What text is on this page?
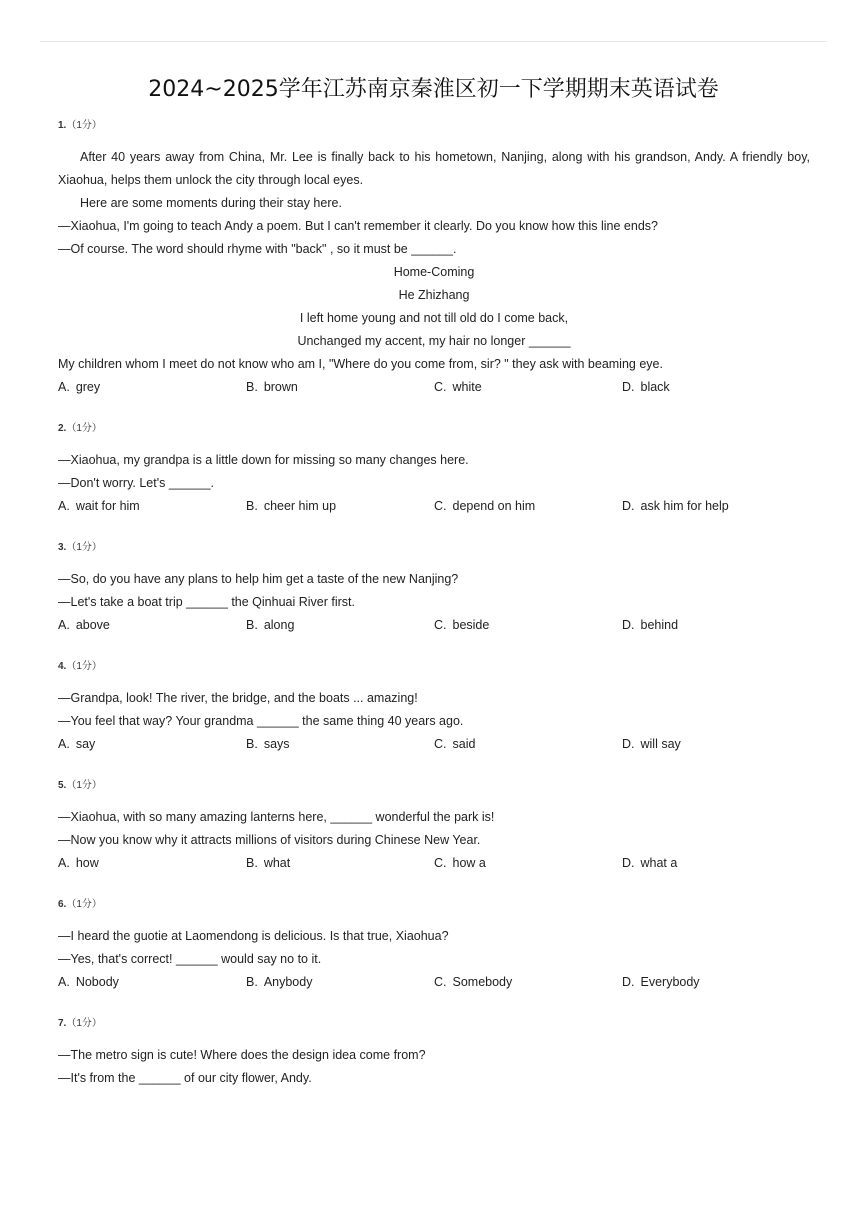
2024~2025学年江苏南京秦淮区初一下学期期末英语试卷
1.（1分）
After 40 years away from China, Mr. Lee is finally back to his hometown, Nanjing, along with his grandson, Andy. A friendly boy, Xiaohua, helps them unlock the city through local eyes.
Here are some moments during their stay here.
—Xiaohua, I'm going to teach Andy a poem. But I can't remember it clearly. Do you know how this line ends?
—Of course. The word should rhyme with "back" , so it must be ______.
Home-Coming
He Zhizhang
I left home young and not till old do I come back,
Unchanged my accent, my hair no longer ______
My children whom I meet do not know who am I, "Where do you come from, sir? " they ask with beaming eye.
A. grey	B. brown	C. white	D. black
2.（1分）
—Xiaohua, my grandpa is a little down for missing so many changes here.
—Don't worry. Let's ______.
A. wait for him	B. cheer him up	C. depend on him	D. ask him for help
3.（1分）
—So, do you have any plans to help him get a taste of the new Nanjing?
—Let's take a boat trip ______ the Qinhuai River first.
A. above	B. along	C. beside	D. behind
4.（1分）
—Grandpa, look! The river, the bridge, and the boats ... amazing!
—You feel that way? Your grandma ______ the same thing 40 years ago.
A. say	B. says	C. said	D. will say
5.（1分）
—Xiaohua, with so many amazing lanterns here, ______ wonderful the park is!
—Now you know why it attracts millions of visitors during Chinese New Year.
A. how	B. what	C. how a	D. what a
6.（1分）
—I heard the guotie at Laomendong is delicious. Is that true, Xiaohua?
—Yes, that's correct! ______ would say no to it.
A. Nobody	B. Anybody	C. Somebody	D. Everybody
7.（1分）
—The metro sign is cute! Where does the design idea come from?
—It's from the ______ of our city flower, Andy.
